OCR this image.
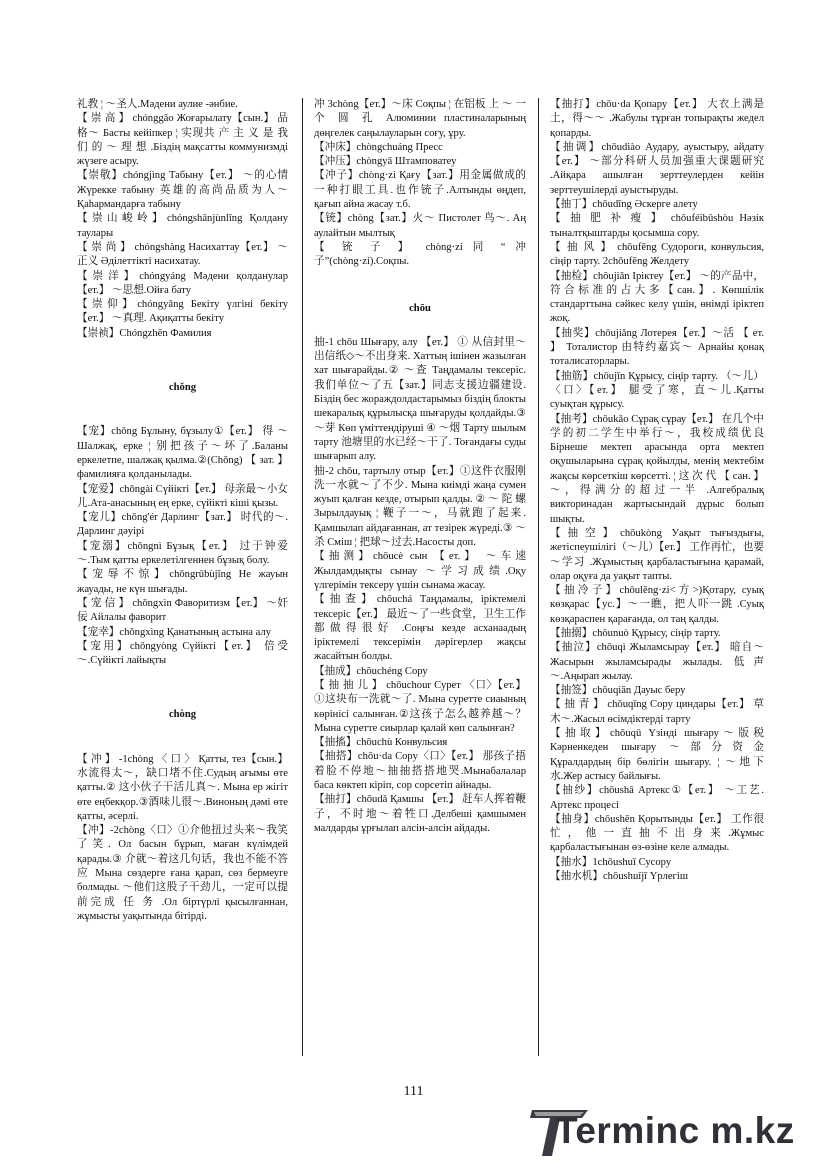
礼教 ¦ ～圣人.Мәдени аулие -әнбие.

【 崇 高 】 chónggāo Жоғарылату【сын.】 品格～ Басты кейіпкер ¦ 实现共 产 主 义 是 我 们 的 ～ 理 想 .Біздің мақсатты коммунизмді жүзеге асыру.

【崇敬】chóngjìng Табыну【ет.】 ～的心情 Жүрекке табыну 英雄的高尚品质为人～Қаһармандарға табыну

【崇山峻岭】chóngshānjùnlǐng Қолдану таулары

【 崇 尚 】 chóngshàng Насихаттау【ет.】 ～正义 Әділеттікті насихатау.

【崇洋】chóngyáng Мәдени қолданулар【ет.】 ～思想.Ойға бату

【崇仰】chóngyǎng Бекіту үлгіні бекіту【ет.】 ～真理. Ақиқатты бекіту

【崇祯】Chóngzhēn Фамилия

chǒng

【宠】chǒng Бұлыну, бұзылу①【ет.】 得 ～ Шалжақ, ерке ¦ 别把孩子～坏了.Баланы еркелетпе, шалжақ қылма.②(Chǒng) 【 зат. 】 фамилияға қолданылады.

【宠爱】chǒngài Сүйікті【ет.】 母亲最～小女儿.Ата-анасының ең ерке, сүйікті кіші қызы.

【宠儿】chǒng'ér Дарлинг【зат.】 时代的～. Дарлинг дәуірі

【宠溺】chǒngnì Бұзық【ет.】 过于钟爱～.Тым қатты еркелетілгеннен бұзық болу.

【宠辱不惊】chǒngrǔbùjīng Не жауын жауады, не күн шығады.

【 宠 信 】 chǒngxìn Фаворитизм【ет.】 ～奸佞 Айлалы фаворит

【宠幸】chǒngxìng Қанатының астына алу

【宠用】chǒngyòng Сүйікті【ет.】 倍受～.Сүйікті лайықты

chòng

【 冲 】 -1chòng 〈 口 〉 Қатты, тез【сын.】 水流得太～，缺口堵不住.Судың ағымы өте қатты.② 这小伙子干活儿真～. Мына ер жігіт өте еңбекқор.③酒味儿很～.Виноның дәмі өте қатты, әсерлі.

【冲】-2chòng〈口〉①介他扭过头来～我笑了笑. Ол басын бұрып, маған күлімдей қарады.③ 介就～着这几句话，我也不能不答应 Мына сөздерге ғана қарап, сөз бермеуге болмады. ～他们这股子干劲儿，一定可以提前完成 任 务 .Ол біртүрлі қысылғаннан, жұмысты уақытында бітірді.

冲 3chòng【ет.】～床 Соқпы ¦ 在铝板 上 ～ 一 个 圆 孔 Алюминии пластиналарының дөңгелек саңылауларын соғу, ұру.

【冲床】chòngchuáng Пресс

【冲压】chòngyā Штамповатеу

【冲子】chòng·zi Қағу【зат.】用金属做成的一种打眼工具.也作铳子.Алтынды өңдеп, қағып айна жасау т.б.

【铳】chòng【зат.】火～ Пистолет 鸟～. Аң аулайтын мылтық

【 铳 子 】 chòng·zi 同 “ 冲 子”(chòng·zi).Соқпы.

chōu

抽-1 chōu Шығару, алу 【ет.】 ① 从信封里～出信纸◇～不出身来. Хаттың ішінен жазылған хат шығарайды.② ～查 Таңдамалы тексеріс. 我们单位～了五【зат.】同志支援边疆建设. Біздің бес жораждолдастарымыз біздің блокты шекаралық құрылысқа шығаруды қолдайды.③ ～芽 Көп үміттендіруші ④ ～烟 Тарту шылым тарту 池塘里的水已经～干了. Тоғандағы суды шығарып алу.

抽-2 chōu, тартылу отыр【ет.】①这件衣服刚洗一水就～了不少. Мына киімді жаңа сумен жуып қалған кезде, отырып қалды. ② ～ 陀 螺 Зырылдауық ¦ 鞭子一～，马就跑了起来. Қамшылап айдағаннан, ат тезірек жүреді.③ ～杀 Сміш ¦ 把球～过去.Насосты доп.

【抽测】chōucè сын 【ет.】 ～车速 Жылдамдықты сынау ～学习成绩.Оқу үлгерімін тексеру үшін сынама жасау.

【抽查】chōuchá Таңдамалы, іріктемелі тексеріс【ет.】 最近～了一些食堂，卫生工作都做得很好 .Соңғы кезде асханаадың іріктемелі тексерімін дәрігерлер жақсы жасайтын болды.

【抽成】chōuchéng Сору

【 抽 抽 儿 】 chōuchour Сурет 〈口〉【ет.】 ①这块布一洗就～了. Мына суретте сиаының көрінісі салынған.②这孩子怎么越养越～？ Мына суретте сиырлар қалай көп салынған?

【抽搐】chōuchù Конвульсия

【抽搭】chōu·da Сору〈口〉【ет.】 那孩子捂着脸不停地～抽抽搭搭地哭.Мынабалалар баса көктеп кіріп, сор сорсетіп айнады.

【抽打】chōudǎ Қамшы 【ет.】 赶车人挥着鞭子，不时地～着牲口.Делбеші қамшымен малдарды ұрғылап алсін-алсін айдады.

【抽打】chōu·da Қопару【ет.】 大衣上满是土，得～～ .Жабулы тұрған топырақты жедел қопарды.

【抽调】chōudiào Аудару, ауыстыру, айдату【ет.】 ～部分科研人员加强重大课题研究 .Айқара ашылған зерттеулерден кейін зерттеушілерді ауыстыруды.

【抽丁】chōudīng Әскерге алету

【 抽 肥 补 瘦 】 chōuféibǔshòu Нәзік тыналтқыштарды қосымша сору.

【 抽 风 】 chōufēng Судороги, конвульсия, сіңір тарту. 2chōufēng Желдету

【抽检】chōujiǎn Іріктеу【ет.】 ～的产品中，符合标准的占大多【сан.】. Көпшілік стандарттына сәйкес келу үшін, өнімді іріктеп жоқ.

【抽奖】chōujiǎng Лотерея【ет.】～活 【 ет. 】 Тоталистор 由特约嘉宾～ Арнайы қонақ тоталисаторлары.

【抽筋】chōujīn Құрысу, сіңір тарту. （～儿）〈口〉【ет.】 腿受了寒，直～儿.Қатты суықтан құрысу.

【抽考】chōukǎo Сұрақ сұрау【ет.】 在几个中学的初二学生中举行～，我校成绩优良 Бірнеше мектеп арасында орта мектеп оқушыларына сұрақ қойылды, менің мектебім жақсы көрсеткіш көрсетті. ¦ 这 次 代 【 сан. 】 ～，得满分的超过一半 .Алгебралық викторинадан жартысындай дұрыс болып шықты.

【抽空】chōukòng Уақыт тығыздығы, жетіспеушілігі（～儿）【ет.】 工作再忙，也要～学习 .Жұмыстың қарбаластығына қарамай, олар оқуға да уақыт тапты.

【抽冷子】chōulěng·zi<方>)Қотару, суық көзқарас【ус.】～一瞧，把人吓一跳 .Суық көзқараспен қарағанда, ол таң қалды.

【抽搦】chōunuò Құрысу, сіңір тарту.

【抽泣】chōuqì Жыламсырау【ет.】 暗自～ Жасырын жыламсырады жылады. 低声～.Аңырап жылау.

【抽签】chōuqiān Дауыс беру

【 抽 青 】 chōuqīng Сору циндары【ет.】 草木～.Жасыл өсімдіктерді тарту

【抽取】chōuqǔ Үзінді шығару～版税 Кәрненкеден шығару ～部分资金 Құралдардың бір бөлігін шығару. ¦ ～地下水.Жер астысу байлығы.

【抽纱】chōushā Артекс①【ет.】 ～工艺. Артекс процесі

【抽身】chōushēn Қорытынды【ет.】 工作很忙，他一直抽不出身来.Жұмыс қарбаластығынан өз-өзіне келе алмады.

【抽水】1chōushuǐ Сусору

【抽水机】chōushuǐjī Үрлегіш

111
Terminc m.kz
